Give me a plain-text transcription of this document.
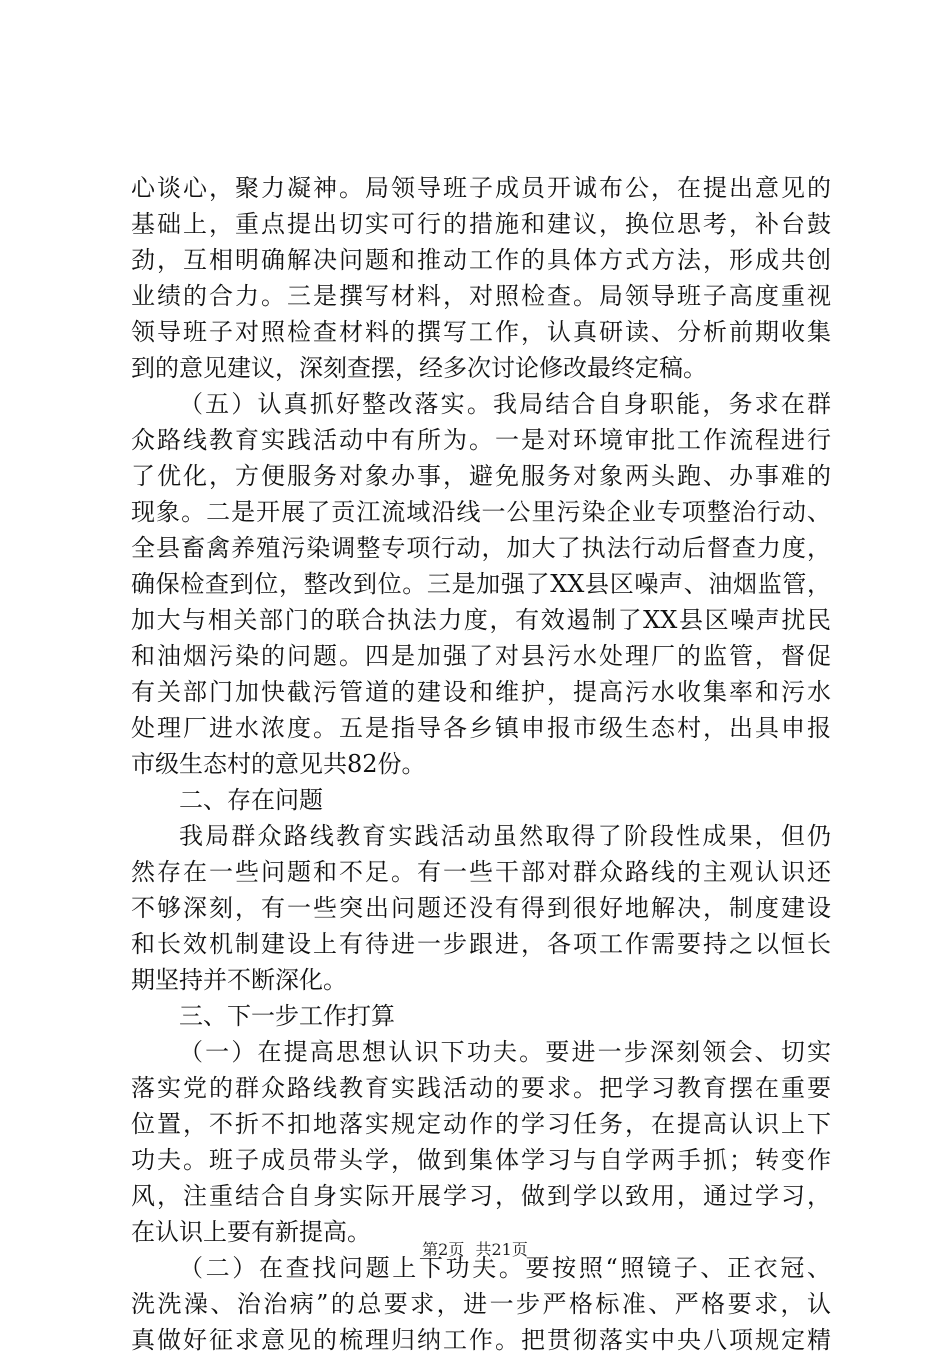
心谈心，聚力凝神。局领导班子成员开诚布公，在提出意见的
基础上，重点提出切实可行的措施和建议，换位思考，补台鼓
劲，互相明确解决问题和推动工作的具体方式方法，形成共创
业绩的合力。三是撰写材料，对照检查。局领导班子高度重视
领导班子对照检查材料的撰写工作，认真研读、分析前期收集
到的意见建议，深刻查摆，经多次讨论修改最终定稿。
（五）认真抓好整改落实。我局结合自身职能，务求在群
众路线教育实践活动中有所为。一是对环境审批工作流程进行
了优化，方便服务对象办事，避免服务对象两头跑、办事难的
现象。二是开展了贡江流域沿线一公里污染企业专项整治行动、
全县畜禽养殖污染调整专项行动，加大了执法行动后督查力度，
确保检查到位，整改到位。三是加强了XX县区噪声、油烟监管，
加大与相关部门的联合执法力度，有效遏制了XX县区噪声扰民
和油烟污染的问题。四是加强了对县污水处理厂的监管，督促
有关部门加快截污管道的建设和维护，提高污水收集率和污水
处理厂进水浓度。五是指导各乡镇申报市级生态村，出具申报
市级生态村的意见共82份。
二、存在问题
我局群众路线教育实践活动虽然取得了阶段性成果，但仍
然存在一些问题和不足。有一些干部对群众路线的主观认识还
不够深刻，有一些突出问题还没有得到很好地解决，制度建设
和长效机制建设上有待进一步跟进，各项工作需要持之以恒长
期坚持并不断深化。
三、下一步工作打算
（一）在提高思想认识下功夫。要进一步深刻领会、切实
落实党的群众路线教育实践活动的要求。把学习教育摆在重要
位置，不折不扣地落实规定动作的学习任务，在提高认识上下
功夫。班子成员带头学，做到集体学习与自学两手抓；转变作
风，注重结合自身实际开展学习，做到学以致用，通过学习，
在认识上要有新提高。
（二）在查找问题上下功夫。要按照“照镜子、正衣冠、
洗洗澡、治治病”的总要求，进一步严格标准、严格要求，认
真做好征求意见的梳理归纳工作。把贯彻落实中央八项规定精
第2页 共21页
